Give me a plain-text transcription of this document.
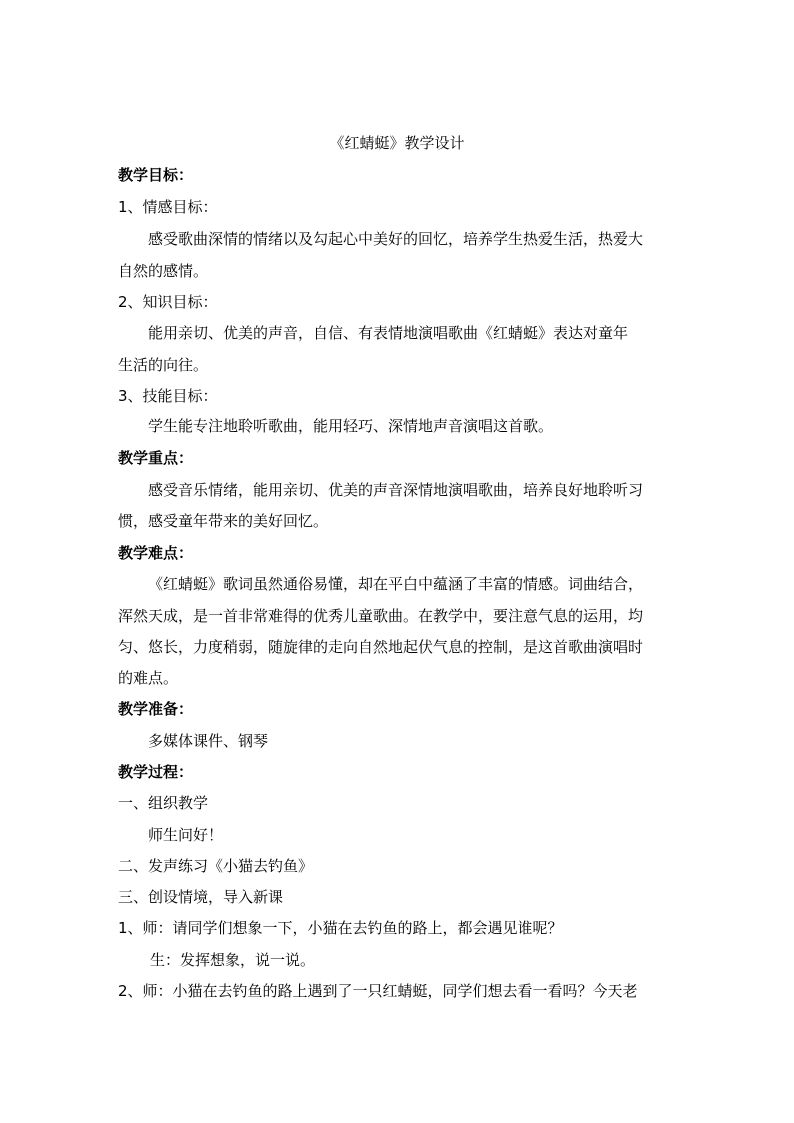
《红蜻蜓》教学设计
教学目标：
1、情感目标：
感受歌曲深情的情绪以及勾起心中美好的回忆，培养学生热爱生活，热爱大
自然的感情。
2、知识目标：
能用亲切、优美的声音，自信、有表情地演唱歌曲《红蜻蜓》表达对童年
生活的向往。
3、技能目标：
学生能专注地聆听歌曲，能用轻巧、深情地声音演唱这首歌。
教学重点：
感受音乐情绪，能用亲切、优美的声音深情地演唱歌曲，培养良好地聆听习
惯，感受童年带来的美好回忆。
教学难点：
《红蜻蜓》歌词虽然通俗易懂，却在平白中蕴涵了丰富的情感。词曲结合，
浑然天成，是一首非常难得的优秀儿童歌曲。在教学中，要注意气息的运用，均
匀、悠长，力度稍弱，随旋律的走向自然地起伏气息的控制，是这首歌曲演唱时
的难点。
教学准备：
多媒体课件、钢琴
教学过程：
一、组织教学
师生问好！
二、发声练习《小猫去钓鱼》
三、创设情境，导入新课
1、师：请同学们想象一下，小猫在去钓鱼的路上，都会遇见谁呢？
生：发挥想象，说一说。
2、师：小猫在去钓鱼的路上遇到了一只红蜻蜓，同学们想去看一看吗？今天老
